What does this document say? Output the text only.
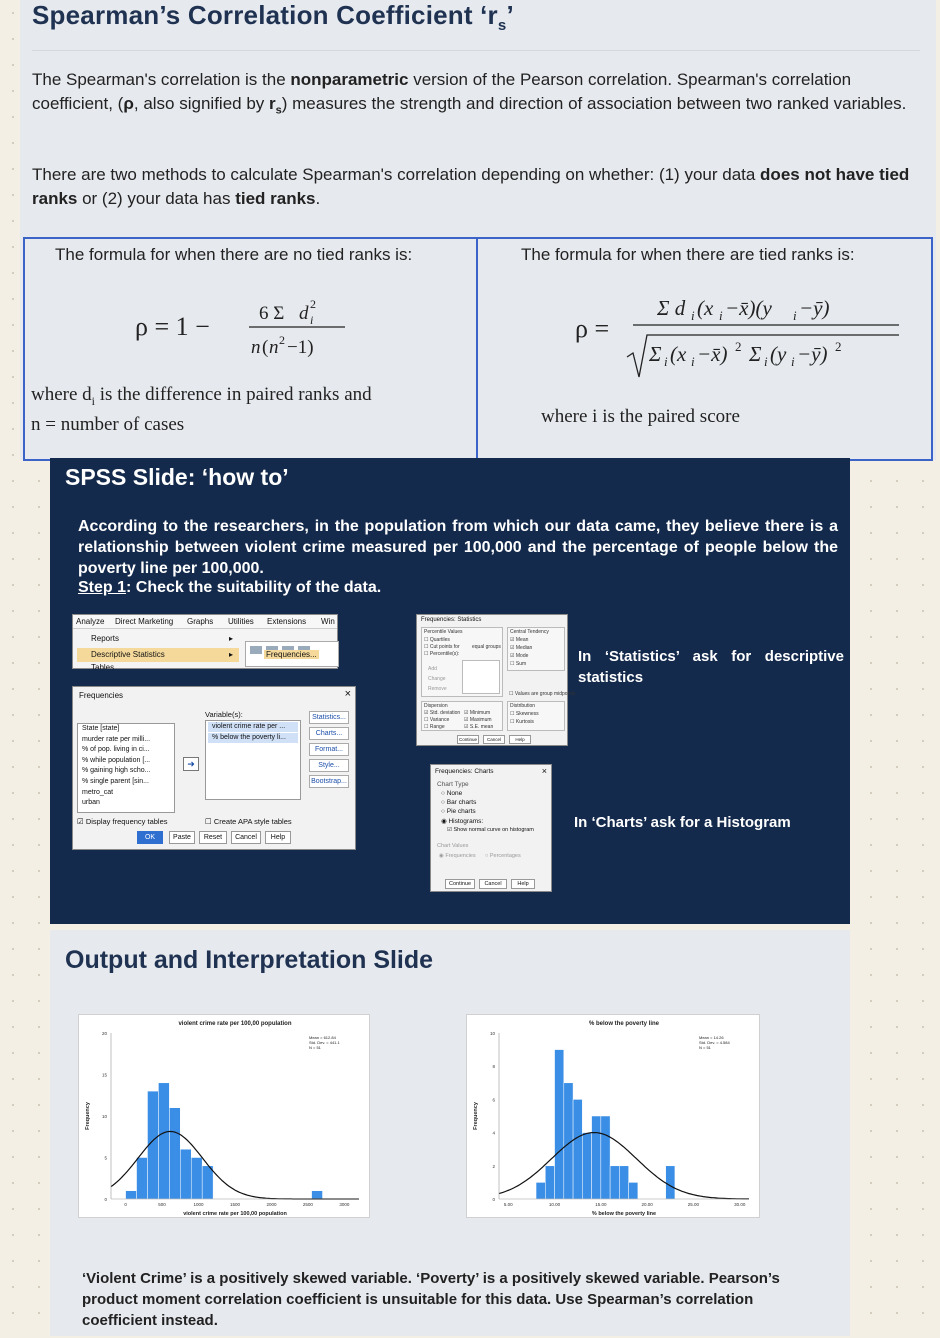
Spearman’s Correlation Coefficient ‘$r_s$’
The Spearman's correlation is the nonparametric version of the Pearson correlation. Spearman's correlation coefficient, (ρ, also signified by $r_s$) measures the strength and direction of association between two ranked variables.
There are two methods to calculate Spearman's correlation depending on whether: (1) your data does not have tied ranks or (2) your data has tied ranks.
The formula for when there are no tied ranks is:	The formula for when there are tied ranks is:
ρ = 1 −	6 Σ d 2
i
n ( n 2 −1)
ρ =
Σ d i (x i −x̄)(y i −ȳ)
Σ i (x i −x̄) 2 Σ i (y i −ȳ) 2
where $d_i$ is the difference in paired ranks and
n = number of cases	where i is the paired score
SPSS Slide: ‘how to’
According to the researchers, in the population from which our data came, they believe there is a relationship between violent crime measured per 100,000 and the percentage of people below the poverty line per 100,000.
Step 1: Check the suitability of the data.
Analyze Direct Marketing Graphs Utilities Extensions Win
Reports
Descriptive Statistics
Tables
▸
▸	Frequencies...
Frequencies	×
State [state]
murder rate per milli...
% of pop. living in ci...
% while population [...
% gaining high scho...
% single parent [sin...
metro_cat
urban
➜
Variable(s):
violent crime rate per ...
% below the poverty li...
Statistics...
Charts...
Format...
Style...
Bootstrap...
☑ Display frequency tables	☐ Create APA style tables
OK	Paste	Reset	Cancel	Help
Frequencies: Statistics
Percentile Values
☐ Quartiles
☐ Cut points for equal groups
☐ Percentile(s):
Add
Change
Remove
Central Tendency
☑ Mean
☑ Median
☑ Mode
☐ Sum
☐ Values are group midpoints
Dispersion
☑ Std. deviation ☑ Minimum
☐ Variance	☑ Maximum
☐ Range	☑ S.E. mean
Distribution
☐ Skewness
☐ Kurtosis
Continue	Cancel	Help
In ‘Statistics’ ask for descriptive statistics
Frequencies: Charts	×
Chart Type
○ None
○ Bar charts
○ Pie charts
◉ Histograms:
☑ Show normal curve on histogram
Chart Values
◉ Frequencies ○ Percentages
Continue	Cancel	Help
In ‘Charts’ ask for a Histogram
Output and Interpretation Slide
violent crime rate per 100,00 population
0
5
10
15
20
0	500	1000	1500	2000	2500	3000
violent crime rate per 100,00 population
Frequency
Mean = 612.84
Std. Dev. = 441.1
N = 51
% below the poverty line
0
2
4
6
8
10
5.00	10.00	15.00	20.00	25.00	30.00
% below the poverty line
Frequency
Mean = 14.26
Std. Dev. = 4.584
N = 51
‘Violent Crime’ is a positively skewed variable. ‘Poverty’ is a positively skewed variable. Pearson’s product moment correlation coefficient is unsuitable for this data. Use Spearman’s correlation coefficient instead.
